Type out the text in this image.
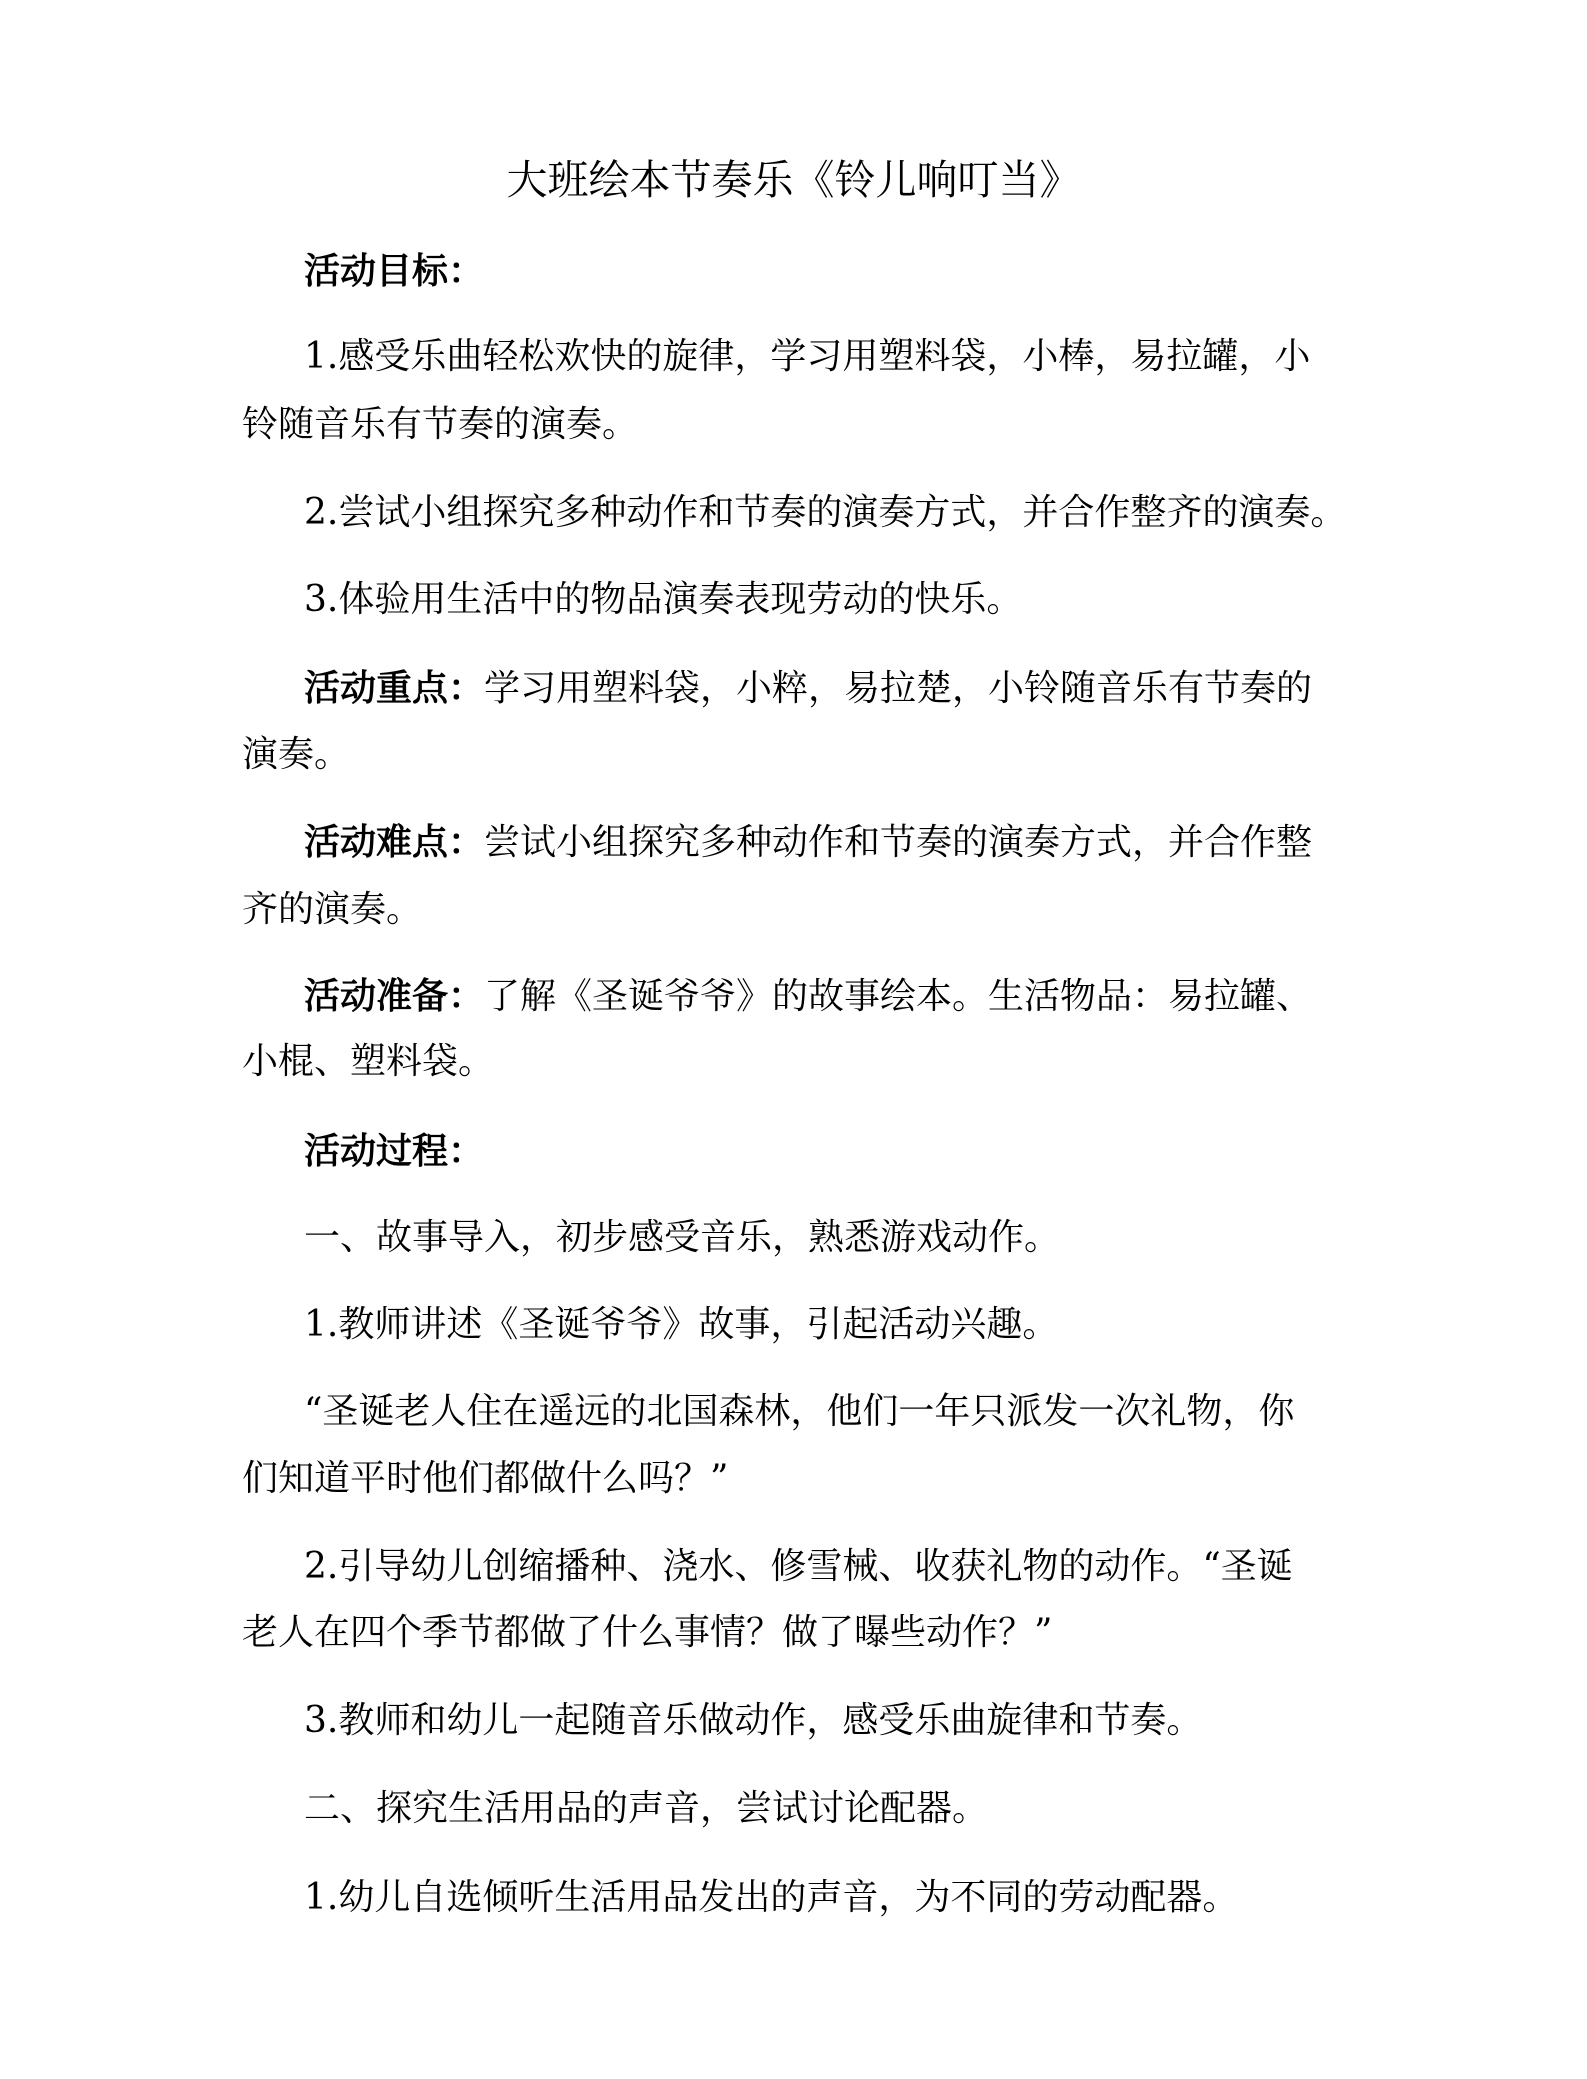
大班绘本节奏乐《铃儿响叮当》
活动目标：
1.感受乐曲轻松欢快的旋律，学习用塑料袋，小棒，易拉罐，小
铃随音乐有节奏的演奏。
2.尝试小组探究多种动作和节奏的演奏方式，并合作整齐的演奏。
3.体验用生活中的物品演奏表现劳动的快乐。
活动重点：学习用塑料袋，小粹，易拉楚，小铃随音乐有节奏的
演奏。
活动难点：尝试小组探究多种动作和节奏的演奏方式，并合作整
齐的演奏。
活动准备：了解《圣诞爷爷》的故事绘本。生活物品：易拉罐、
小棍、塑料袋。
活动过程：
一、故事导入，初步感受音乐，熟悉游戏动作。
1.教师讲述《圣诞爷爷》故事，引起活动兴趣。
“圣诞老人住在遥远的北国森林，他们一年只派发一次礼物，你
们知道平时他们都做什么吗？”
2.引导幼儿创缩播种、浇水、修雪械、收获礼物的动作。“圣诞
老人在四个季节都做了什么事情？做了曝些动作？”
3.教师和幼儿一起随音乐做动作，感受乐曲旋律和节奏。
二、探究生活用品的声音，尝试讨论配器。
1.幼儿自选倾听生活用品发出的声音，为不同的劳动配器。
